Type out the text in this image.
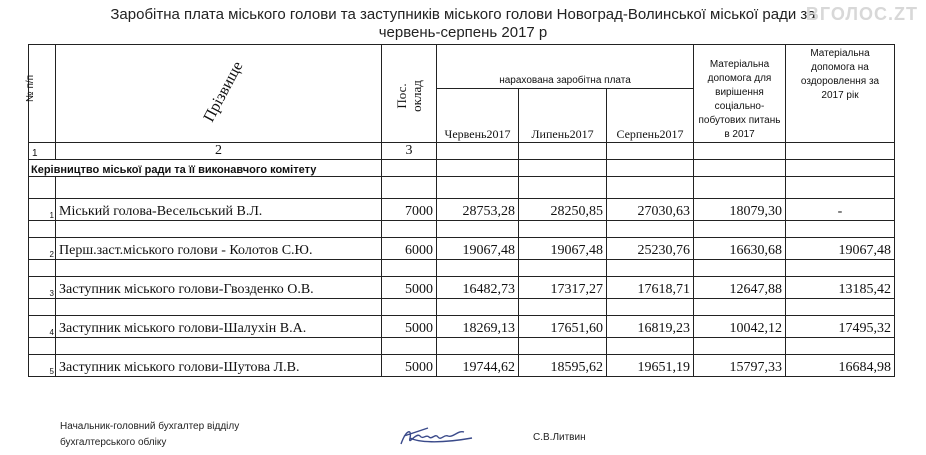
Заробітна плата міського голови та заступників міського голови Новоград-Волинської міської ради за
червень-серпень 2017 р
ВГОЛОС.ZT
№ п/п	Прізвище	Пос. оклад	нарахована заробітна плата			Матеріальна допомога для вирішення соціально-побутових питань в 2017	Матеріальна допомога на оздоровлення за 2017 рік
			Червень2017	Липень2017	Серпень2017		
1	2	3					
Керівництво міської ради та її виконавчого комітету							

1	Міський голова-Весельський В.Л.	7000	28753,28	28250,85	27030,63	18079,30	-

2	Перш.заст.міського голови - Колотов С.Ю.	6000	19067,48	19067,48	25230,76	16630,68	19067,48

3	Заступник міського голови-Гвозденко О.В.	5000	16482,73	17317,27	17618,71	12647,88	13185,42

4	Заступник міського голови-Шалухін В.А.	5000	18269,13	17651,60	16819,23	10042,12	17495,32

5	Заступник міського голови-Шутова Л.В.	5000	19744,62	18595,62	19651,19	15797,33	16684,98
Начальник-головний бухгалтер відділу
бухгалтерського обліку	С.В.Литвин
